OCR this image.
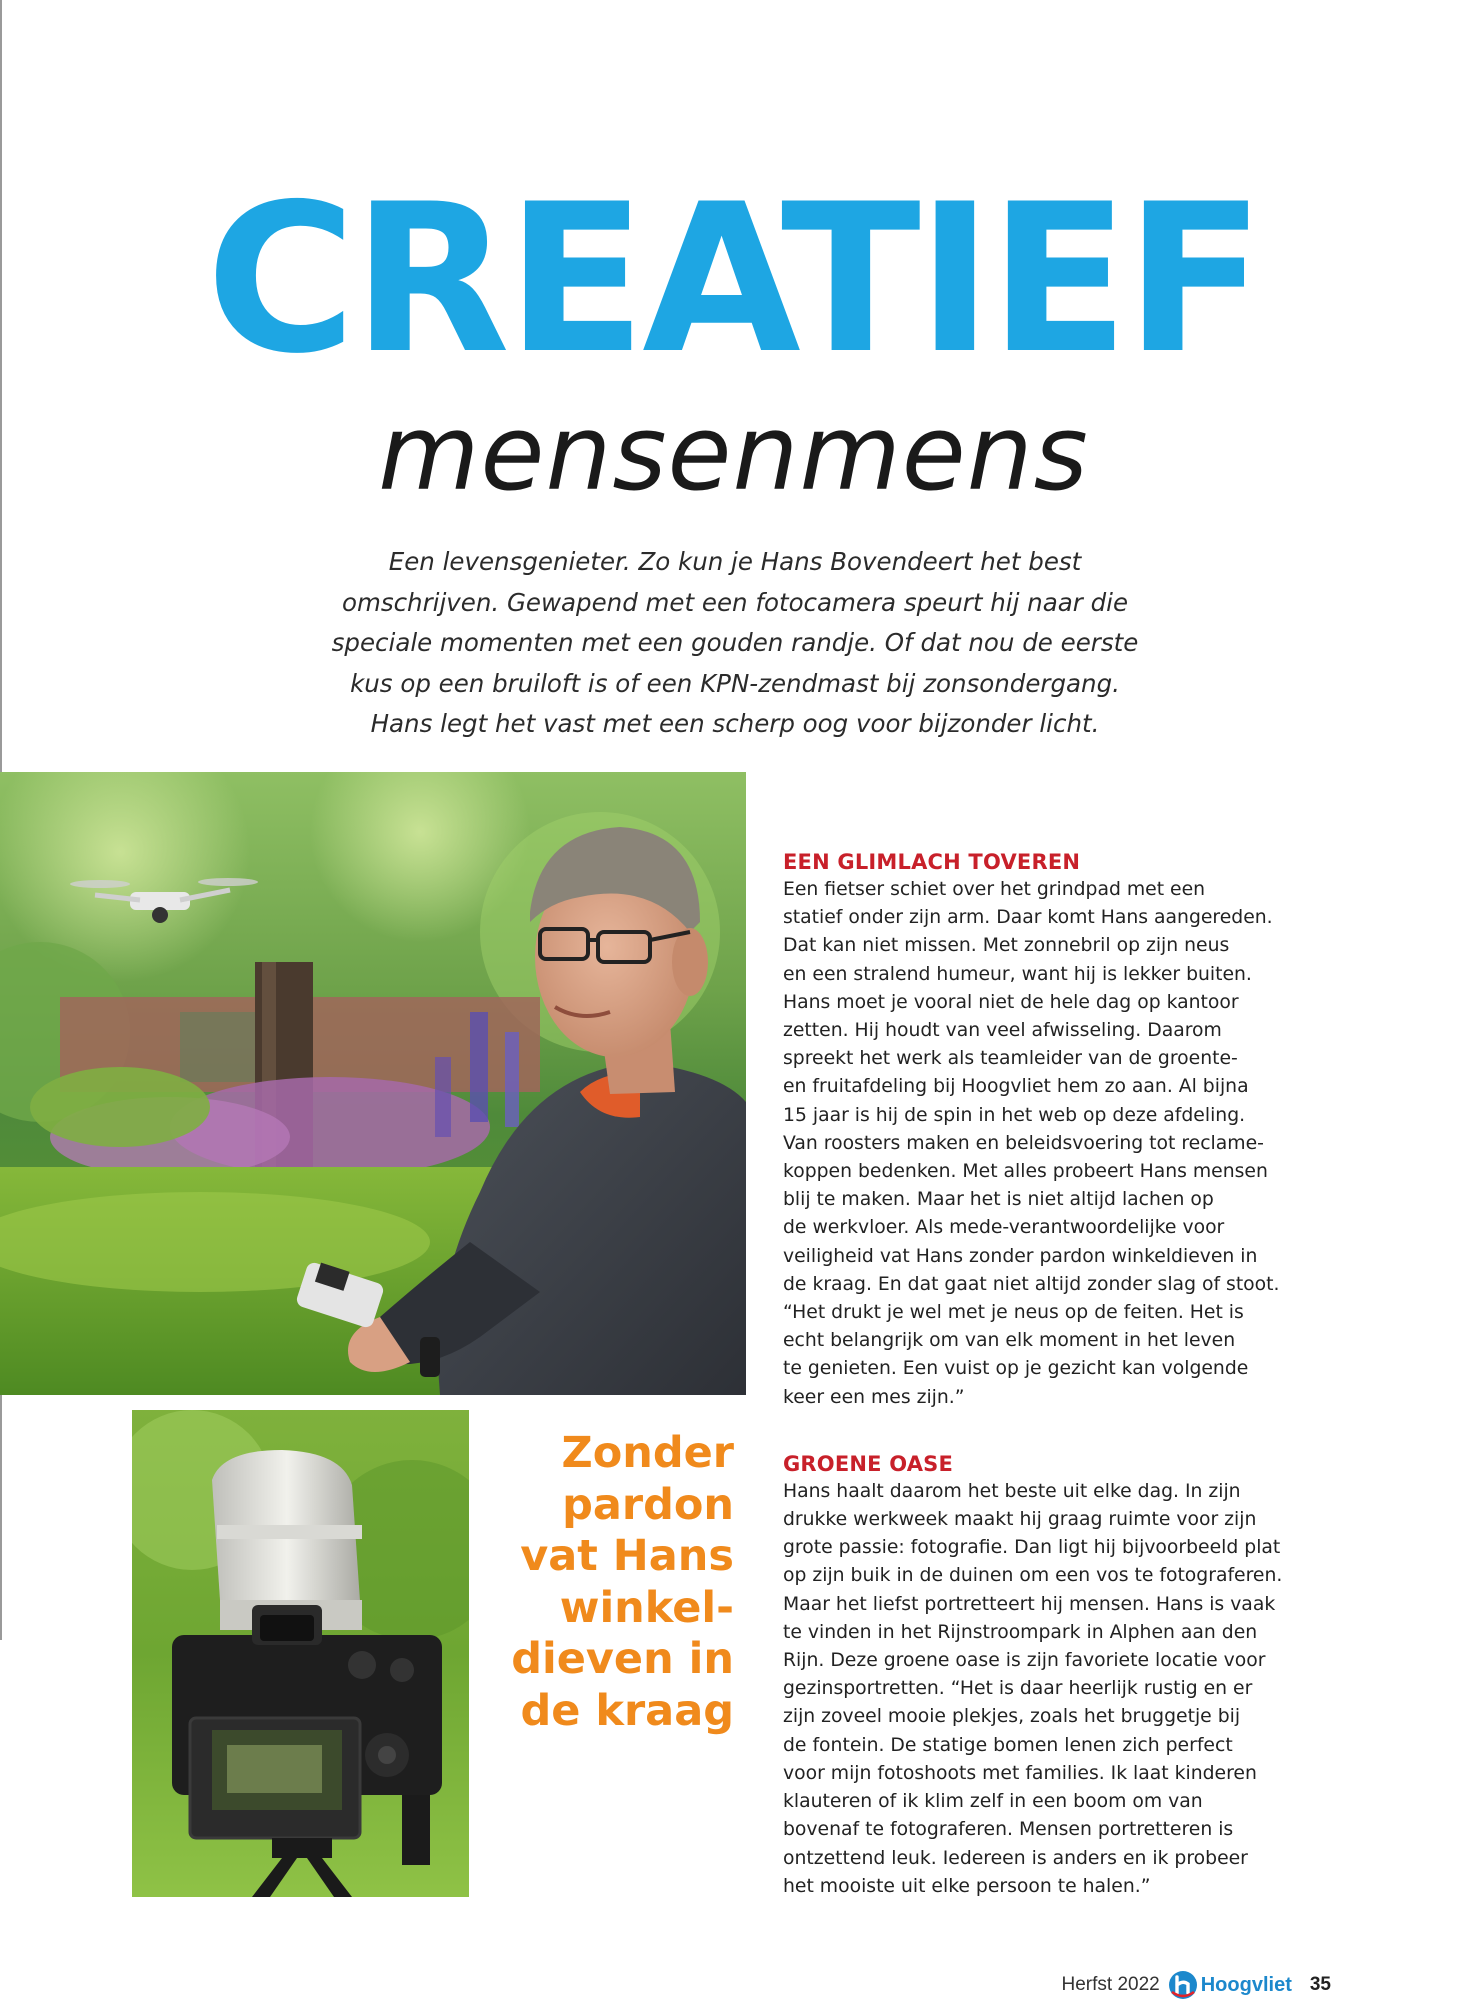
CREATIEF
mensenmens

Een levensgenieter. Zo kun je Hans Bovendeert het best
omschrijven. Gewapend met een fotocamera speurt hij naar die
speciale momenten met een gouden randje. Of dat nou de eerste
kus op een bruiloft is of een KPN-zendmast bij zonsondergang.
Hans legt het vast met een scherp oog voor bijzonder licht.

Zonder
pardon
vat Hans
winkel-
dieven in
de kraag

EEN GLIMLACH TOVEREN

Een fietser schiet over het grindpad met een
statief onder zijn arm. Daar komt Hans aangereden.
Dat kan niet missen. Met zonnebril op zijn neus
en een stralend humeur, want hij is lekker buiten.
Hans moet je vooral niet de hele dag op kantoor
zetten. Hij houdt van veel afwisseling. Daarom
spreekt het werk als teamleider van de groente-
en fruitafdeling bij Hoogvliet hem zo aan. Al bijna
15 jaar is hij de spin in het web op deze afdeling.
Van roosters maken en beleidsvoering tot reclame-
koppen bedenken. Met alles probeert Hans mensen
blij te maken. Maar het is niet altijd lachen op
de werkvloer. Als mede-verantwoordelijke voor
veiligheid vat Hans zonder pardon winkeldieven in
de kraag. En dat gaat niet altijd zonder slag of stoot.
“Het drukt je wel met je neus op de feiten. Het is
echt belangrijk om van elk moment in het leven
te genieten. Een vuist op je gezicht kan volgende
keer een mes zijn.”

GROENE OASE

Hans haalt daarom het beste uit elke dag. In zijn
drukke werkweek maakt hij graag ruimte voor zijn
grote passie: fotografie. Dan ligt hij bijvoorbeeld plat
op zijn buik in de duinen om een vos te fotograferen.
Maar het liefst portretteert hij mensen. Hans is vaak
te vinden in het Rijnstroompark in Alphen aan den
Rijn. Deze groene oase is zijn favoriete locatie voor
gezinsportretten. “Het is daar heerlijk rustig en er
zijn zoveel mooie plekjes, zoals het bruggetje bij
de fontein. De statige bomen lenen zich perfect
voor mijn fotoshoots met families. Ik laat kinderen
klauteren of ik klim zelf in een boom om van
bovenaf te fotograferen. Mensen portretteren is
ontzettend leuk. Iedereen is anders en ik probeer
het mooiste uit elke persoon te halen.”

Herfst 2022 Hoogvliet 35
